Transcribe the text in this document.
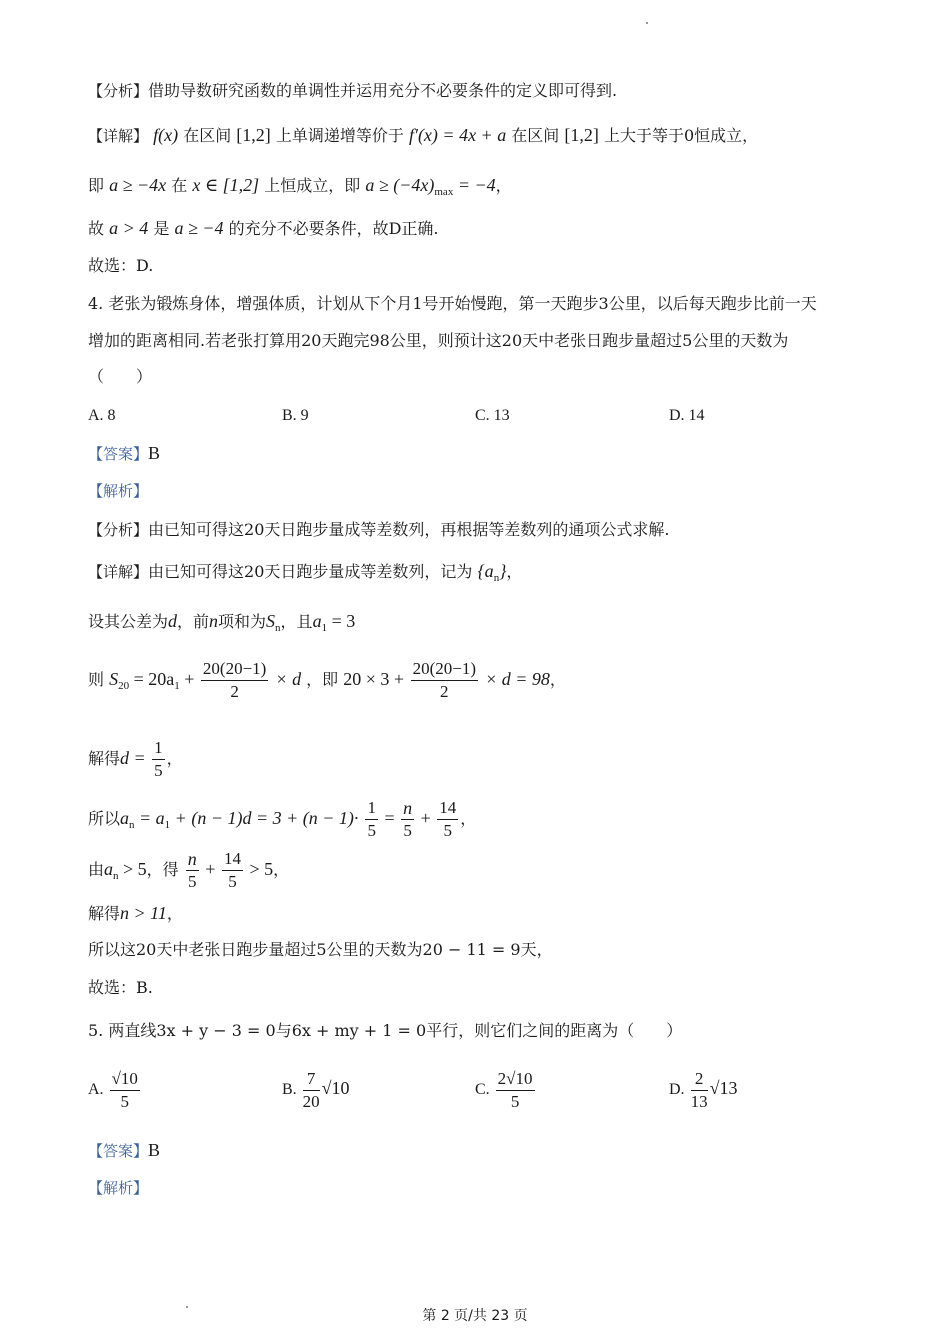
【分析】借助导数研究函数的单调性并运用充分不必要条件的定义即可得到.
【详解】 f(x) 在区间 [1,2] 上单调递增等价于 f′(x) = 4x + a 在区间 [1,2] 上大于等于0恒成立，
即 a ≥ −4x 在 x ∈ [1,2] 上恒成立，即 $a \ge (-4x)_{max} = -4$，
故 a > 4 是 a ≥ −4 的充分不必要条件，故D正确.
故选：D.
4. 老张为锻炼身体，增强体质，计划从下个月1号开始慢跑，第一天跑步3公里，以后每天跑步比前一天
增加的距离相同.若老张打算用20天跑完98公里，则预计这20天中老张日跑步量超过5公里的天数为
（　　）
A. 8	B. 9	C. 13	D. 14
【答案】B
【解析】
【分析】由已知可得这20天日跑步量成等差数列，再根据等差数列的通项公式求解.
【详解】由已知可得这20天日跑步量成等差数列，记为 $\{a_n\}$，
设其公差为d，前n项和为$S_n$，且$a_1 = 3$
则 $S_{20} = 20a_1 + \frac{20(20-1)}{2} \times d$ ，即 $20 \times 3 + \frac{20(20-1)}{2} \times d = 98$，
解得$d = \frac{1}{5}$ ，
所以$a_n = a_1 + (n - 1)d = 3 + (n - 1)\cdot \frac{1}{5} = \frac{n}{5} + \frac{14}{5}$ ，
由$a_n > 5$，得 $\frac{n}{5} + \frac{14}{5} > 5$，
解得n > 11，
所以这20天中老张日跑步量超过5公里的天数为20 − 11 = 9天，
故选：B.
5. 两直线3x + y − 3 = 0与6x + my + 1 = 0平行，则它们之间的距离为（　　）
A. $\frac{√10}{5}$	B. $\frac{7}{20} √10$	C. $\frac{2√10}{5}$	D. $\frac{2}{13} √13$
【答案】B
【解析】
第 2 页/共 23 页
